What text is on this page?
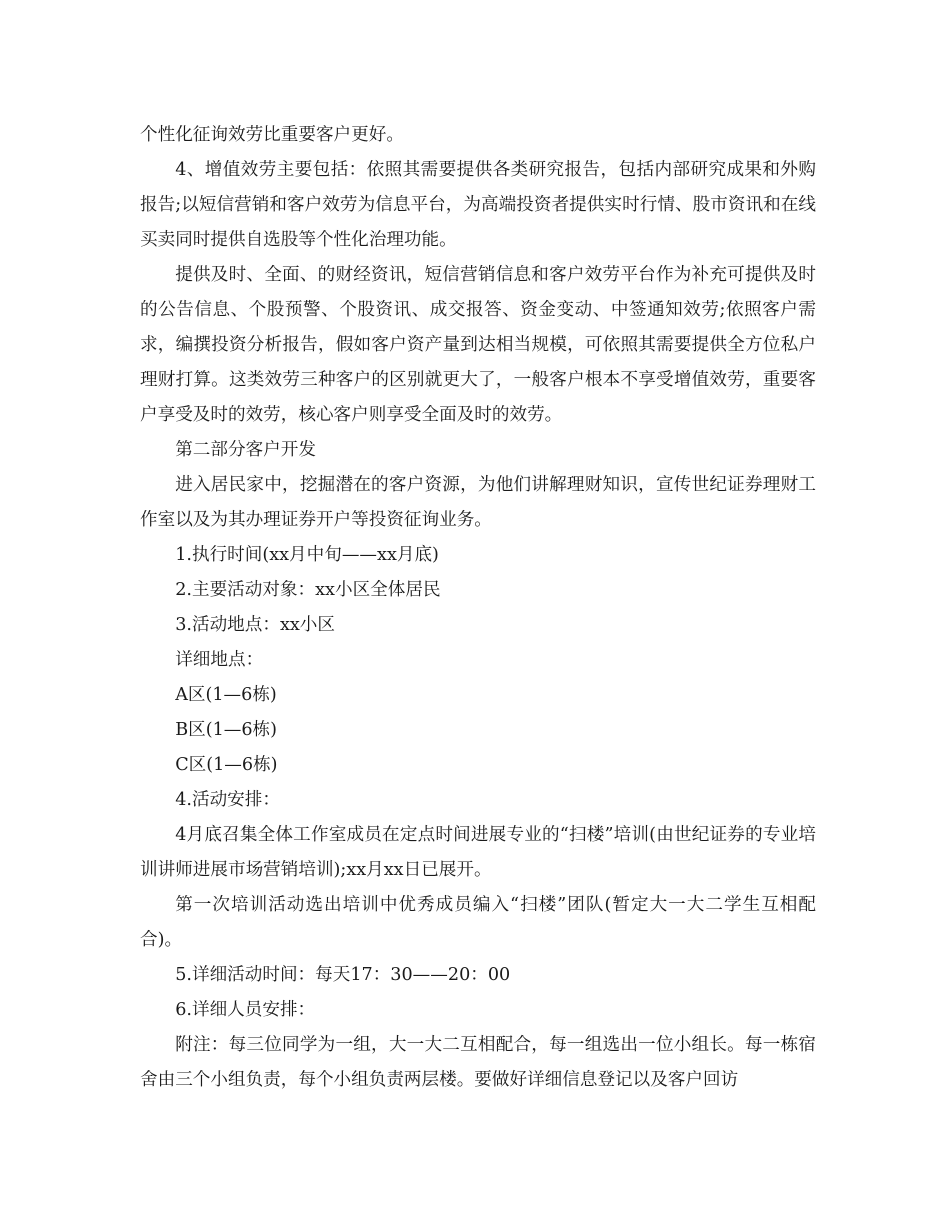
个性化征询效劳比重要客户更好。

4、增值效劳主要包括：依照其需要提供各类研究报告，包括内部研究成果和外购报告;以短信营销和客户效劳为信息平台，为高端投资者提供实时行情、股市资讯和在线买卖同时提供自选股等个性化治理功能。

提供及时、全面、的财经资讯，短信营销信息和客户效劳平台作为补充可提供及时的公告信息、个股预警、个股资讯、成交报答、资金变动、中签通知效劳;依照客户需求，编撰投资分析报告，假如客户资产量到达相当规模，可依照其需要提供全方位私户理财打算。这类效劳三种客户的区别就更大了，一般客户根本不享受增值效劳，重要客户享受及时的效劳，核心客户则享受全面及时的效劳。

第二部分客户开发

进入居民家中，挖掘潜在的客户资源，为他们讲解理财知识，宣传世纪证券理财工作室以及为其办理证券开户等投资征询业务。

1.执行时间(xx月中旬——xx月底)

2.主要活动对象：xx小区全体居民

3.活动地点：xx小区

详细地点：

A区(1—6栋)

B区(1—6栋)

C区(1—6栋)

4.活动安排：

4月底召集全体工作室成员在定点时间进展专业的“扫楼”培训(由世纪证券的专业培训讲师进展市场营销培训);xx月xx日已展开。

第一次培训活动选出培训中优秀成员编入“扫楼”团队(暂定大一大二学生互相配合)。

5.详细活动时间：每天17：30——20：00

6.详细人员安排：

附注：每三位同学为一组，大一大二互相配合，每一组选出一位小组长。每一栋宿舍由三个小组负责，每个小组负责两层楼。要做好详细信息登记以及客户回访
